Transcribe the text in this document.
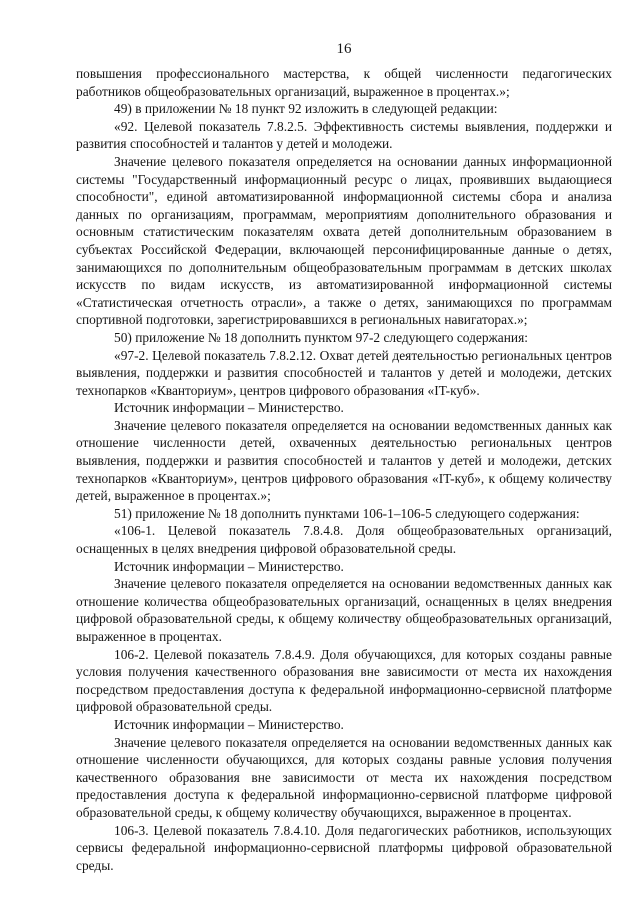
16

повышения профессионального мастерства, к общей численности педагогических работников общеобразовательных организаций, выраженное в процентах.»;

49) в приложении № 18 пункт 92 изложить в следующей редакции:

«92. Целевой показатель 7.8.2.5. Эффективность системы выявления, поддержки и развития способностей и талантов у детей и молодежи.

Значение целевого показателя определяется на основании данных информационной системы "Государственный информационный ресурс о лицах, проявивших выдающиеся способности", единой автоматизированной информационной системы сбора и анализа данных по организациям, программам, мероприятиям дополнительного образования и основным статистическим показателям охвата детей дополнительным образованием в субъектах Российской Федерации, включающей персонифицированные данные о детях, занимающихся по дополнительным общеобразовательным программам в детских школах искусств по видам искусств, из автоматизированной информационной системы «Статистическая отчетность отрасли», а также о детях, занимающихся по программам спортивной подготовки, зарегистрировавшихся в региональных навигаторах.»;

50) приложение № 18 дополнить пунктом 97-2 следующего содержания:

«97-2. Целевой показатель 7.8.2.12. Охват детей деятельностью региональных центров выявления, поддержки и развития способностей и талантов у детей и молодежи, детских технопарков «Кванториум», центров цифрового образования «IT-куб».

Источник информации – Министерство.

Значение целевого показателя определяется на основании ведомственных данных как отношение численности детей, охваченных деятельностью региональных центров выявления, поддержки и развития способностей и талантов у детей и молодежи, детских технопарков «Кванториум», центров цифрового образования «IT-куб», к общему количеству детей, выраженное в процентах.»;

51) приложение № 18 дополнить пунктами 106-1–106-5 следующего содержания:

«106-1. Целевой показатель 7.8.4.8. Доля общеобразовательных организаций, оснащенных в целях внедрения цифровой образовательной среды.

Источник информации – Министерство.

Значение целевого показателя определяется на основании ведомственных данных как отношение количества общеобразовательных организаций, оснащенных в целях внедрения цифровой образовательной среды, к общему количеству общеобразовательных организаций, выраженное в процентах.

106-2. Целевой показатель 7.8.4.9. Доля обучающихся, для которых созданы равные условия получения качественного образования вне зависимости от места их нахождения посредством предоставления доступа к федеральной информационно-сервисной платформе цифровой образовательной среды.

Источник информации – Министерство.

Значение целевого показателя определяется на основании ведомственных данных как отношение численности обучающихся, для которых созданы равные условия получения качественного образования вне зависимости от места их нахождения посредством предоставления доступа к федеральной информационно-сервисной платформе цифровой образовательной среды, к общему количеству обучающихся, выраженное в процентах.

106-3. Целевой показатель 7.8.4.10. Доля педагогических работников, использующих сервисы федеральной информационно-сервисной платформы цифровой образовательной среды.
